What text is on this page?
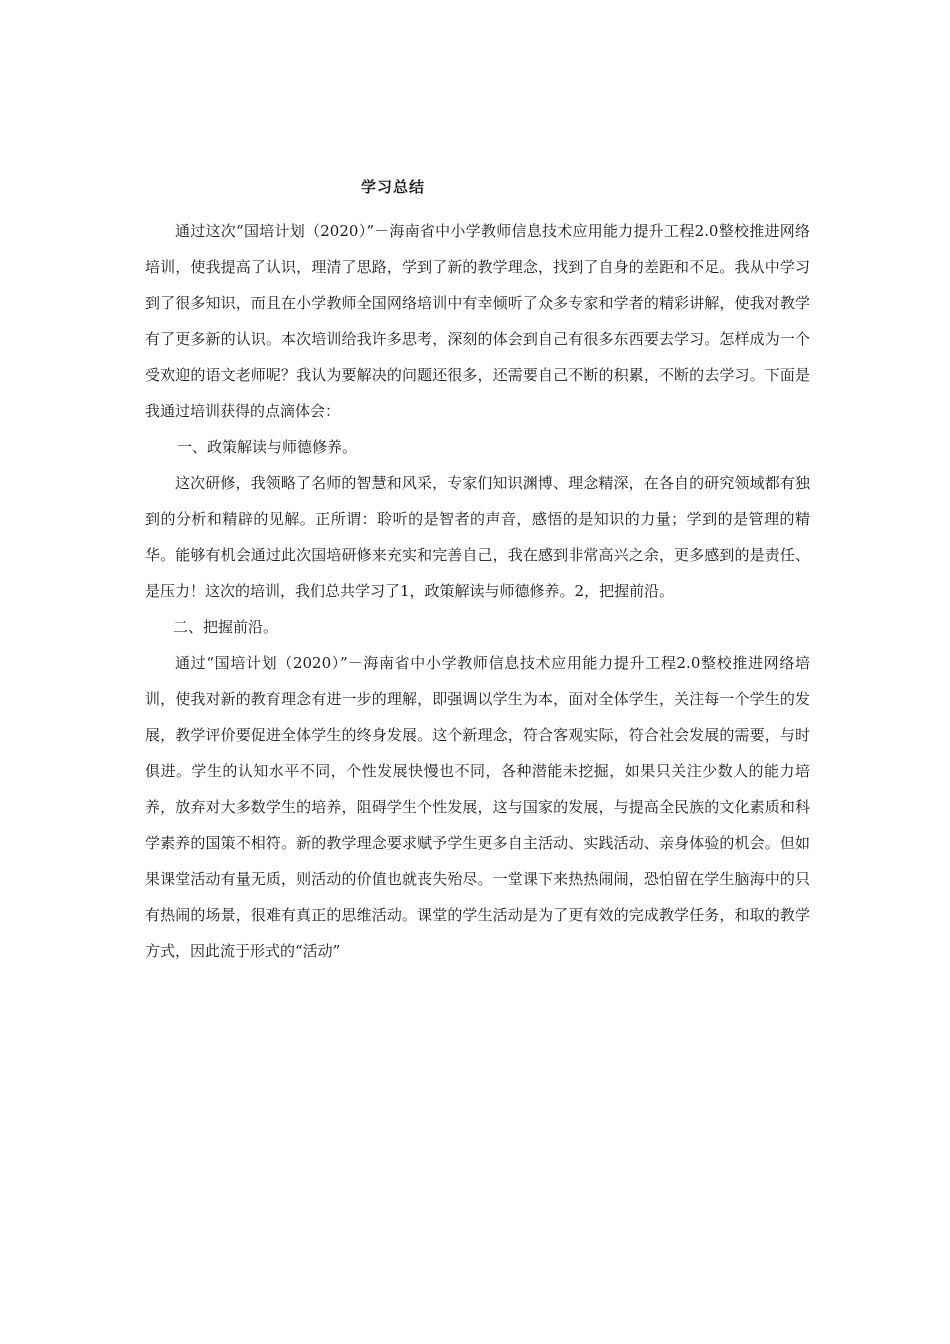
学习总结

通过这次“国培计划（2020）”－海南省中小学教师信息技术应用能力提升工程2.0整校推进网络培训，使我提高了认识，理清了思路，学到了新的教学理念，找到了自身的差距和不足。我从中学习到了很多知识，而且在小学教师全国网络培训中有幸倾听了众多专家和学者的精彩讲解，使我对教学有了更多新的认识。本次培训给我许多思考，深刻的体会到自己有很多东西要去学习。怎样成为一个受欢迎的语文老师呢？我认为要解决的问题还很多，还需要自己不断的积累，不断的去学习。下面是我通过培训获得的点滴体会：

一、政策解读与师德修养。

这次研修，我领略了名师的智慧和风采，专家们知识渊博、理念精深，在各自的研究领域都有独到的分析和精辟的见解。正所谓：聆听的是智者的声音，感悟的是知识的力量；学到的是管理的精华。能够有机会通过此次国培研修来充实和完善自己，我在感到非常高兴之余，更多感到的是责任、是压力！这次的培训，我们总共学习了1，政策解读与师德修养。2，把握前沿。

二、把握前沿。

通过“国培计划（2020）”－海南省中小学教师信息技术应用能力提升工程2.0整校推进网络培训，使我对新的教育理念有进一步的理解，即强调以学生为本，面对全体学生，关注每一个学生的发展，教学评价要促进全体学生的终身发展。这个新理念，符合客观实际，符合社会发展的需要，与时俱进。学生的认知水平不同，个性发展快慢也不同，各种潜能未挖掘，如果只关注少数人的能力培养，放弃对大多数学生的培养，阻碍学生个性发展，这与国家的发展，与提高全民族的文化素质和科学素养的国策不相符。新的教学理念要求赋予学生更多自主活动、实践活动、亲身体验的机会。但如果课堂活动有量无质，则活动的价值也就丧失殆尽。一堂课下来热热闹闹，恐怕留在学生脑海中的只有热闹的场景，很难有真正的思维活动。课堂的学生活动是为了更有效的完成教学任务，和取的教学方式，因此流于形式的“活动”
